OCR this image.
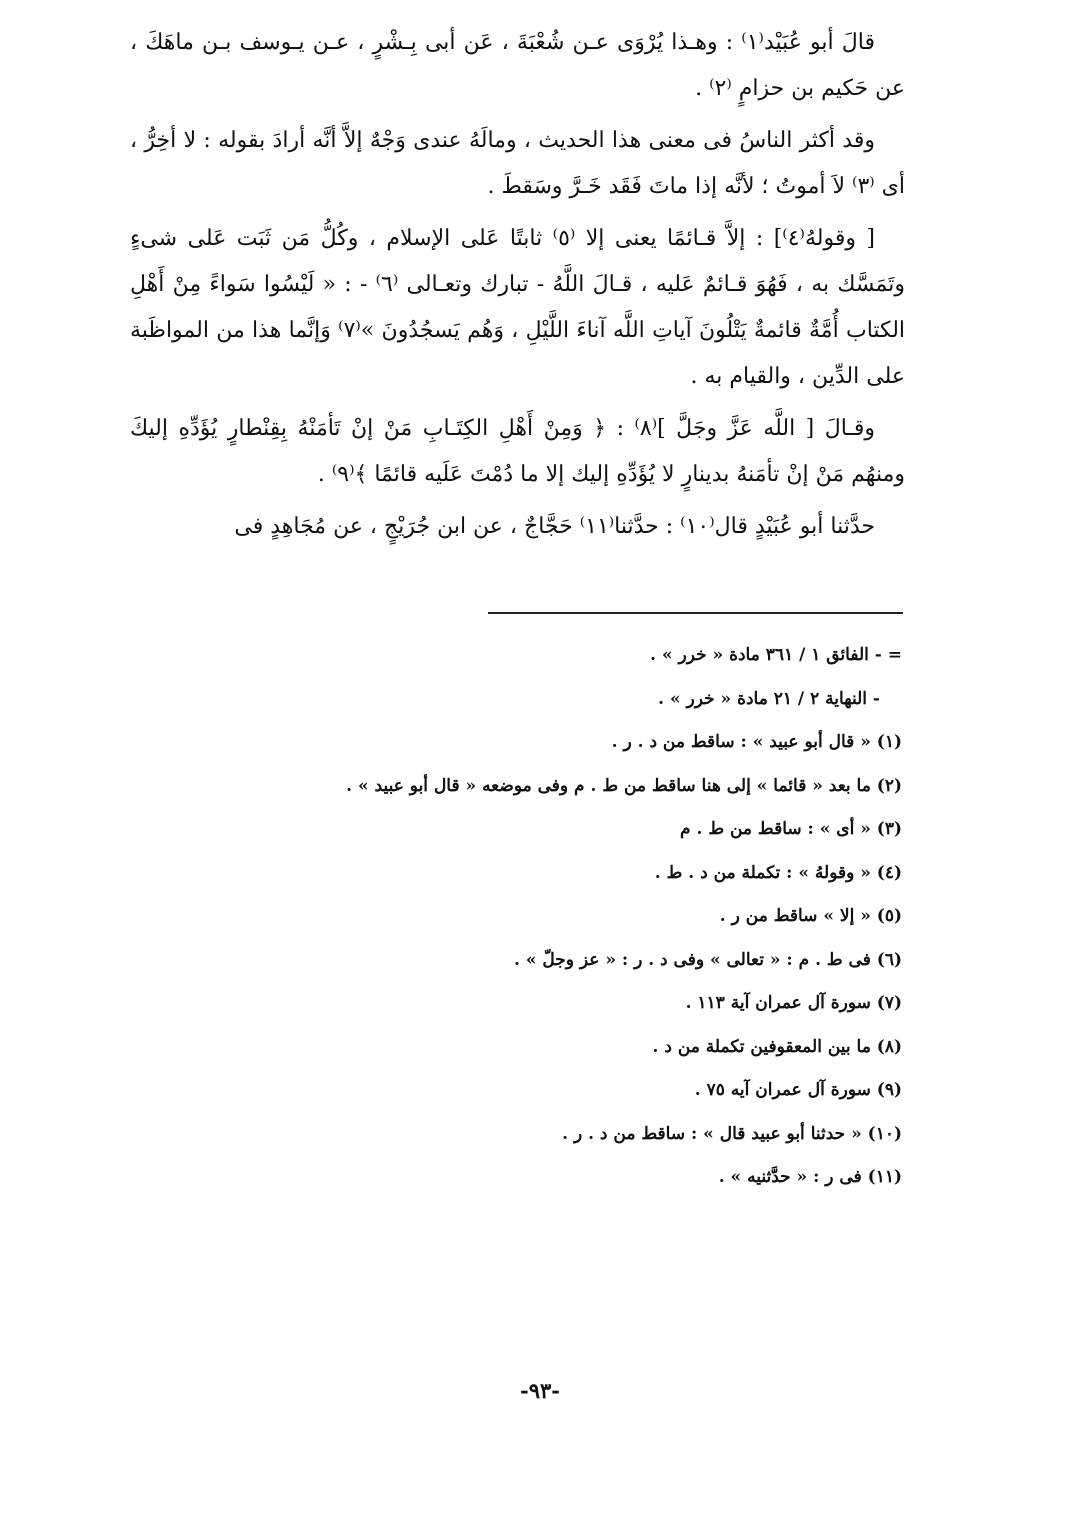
قالَ أبو عُبَيْد⁽١⁾ : وهـذا يُرْوَى عـن شُعْبَةَ ، عَن أبى بِـشْرٍ ، عـن يـوسف بـن ماهَكَ ، عن حَكيم بن حزامٍ ⁽٢⁾ .

وقد أكثر الناسُ فى معنى هذا الحديث ، ومالَهُ عندى وَجْهٌ إلاَّ أنَّه أرادَ بقوله : لا أخِرُّ ، أى ⁽٣⁾ لاَ أموتُ ؛ لأنَّه إذا ماتَ فَقَد خَـرَّ وسَقطَ .

[ وقولهُ⁽٤⁾] : إلاَّ قـائمًا يعنى إلا ⁽٥⁾ ثابتًا عَلى الإسلام ، وكُلُّ مَن ثَبَت عَلى شىءٍ وتَمَسَّك به ، فَهُوَ قـائمٌ عَليه ، قـالَ اللَّهُ - تبارك وتعـالى ⁽٦⁾ - : « لَيْسُوا سَواءً مِنْ أَهْلِ الكتاب أُمَّةٌ قائمةٌ يَتْلُونَ آياتِ اللَّه آناءَ اللَّيْلِ ، وَهُم يَسجُدُونَ »⁽٧⁾ وَإنَّما هذا من المواظَبة على الدِّين ، والقيام به .

وقـالَ [ اللَّه عَزَّ وجَلَّ ]⁽٨⁾ : ﴿ وَمِنْ أَهْلِ الكِتَـابِ مَنْ إنْ تَأمَنْهُ بِقِنْطارٍ يُؤَدِّهِ إليكَ ومنهُم مَنْ إنْ تأمَنهُ بدينارٍ لا يُؤَدِّهِ إليك إلا ما دُمْتَ عَلَيه قائمًا ﴾⁽٩⁾ .

حدَّثنا أبو عُبَيْدٍ قال⁽١٠⁾ : حدَّثنا⁽١١⁾ حَجَّاجٌ ، عن ابن جُرَيْجٍ ، عن مُجَاهِدٍ فى

= - الفائق ١ / ٣٦١ مادة « خرر » .
- النهاية ٢ / ٢١ مادة « خرر » .
(١) « قال أبو عبيد » : ساقط من د . ر .
(٢) ما بعد « قائما » إلى هنا ساقط من ط . م وفى موضعه « قال أبو عبيد » .
(٣) « أى » : ساقط من ط . م
(٤) « وقولهُ » : تكملة من د . ط .
(٥) « إلا » ساقط من ر .
(٦) فى ط . م : « تعالى » وفى د . ر : « عز وجلّ » .
(٧) سورة آل عمران آية ١١٣ .
(٨) ما بين المعقوفين تكملة من د .
(٩) سورة آل عمران آيه ٧٥ .
(١٠) « حدثنا أبو عبيد قال » : ساقط من د . ر .
(١١) فى ر : « حدَّثنيه » .
-٩٣-
